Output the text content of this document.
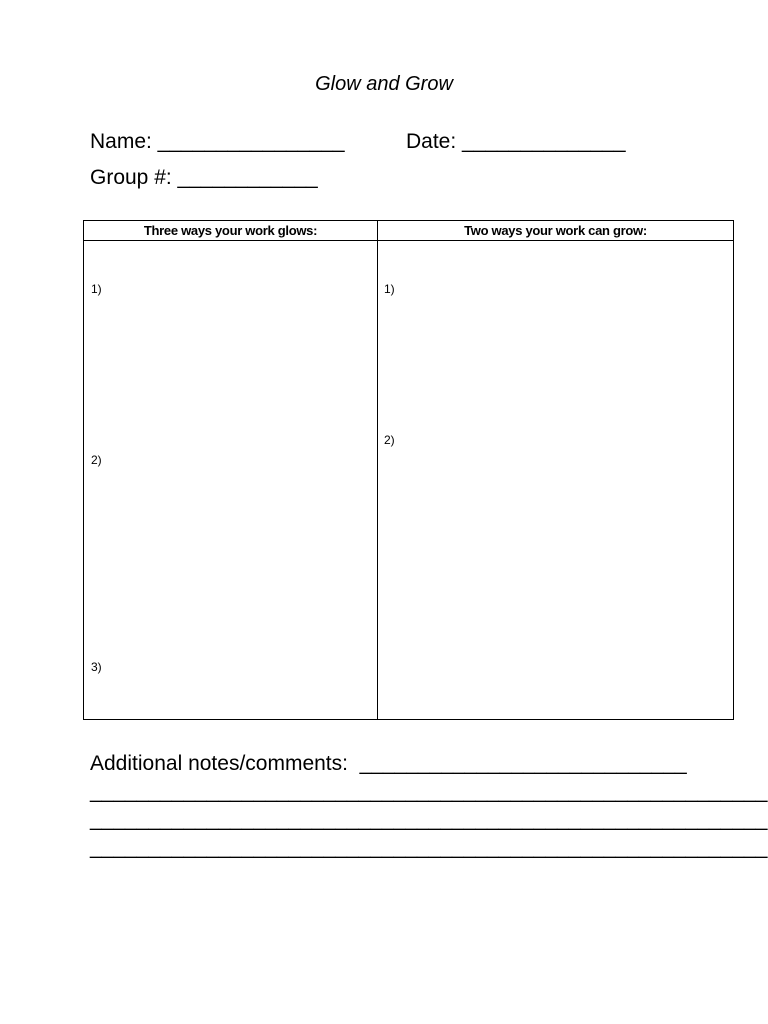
Glow and Grow
Name: ________________	Date: ______________
Group #: ____________
Three ways your work glows:	Two ways your work can grow:
1)
2)
3)
1)
2)
Additional notes/comments:  ____________________________
__________________________________________________________
__________________________________________________________
__________________________________________________________
